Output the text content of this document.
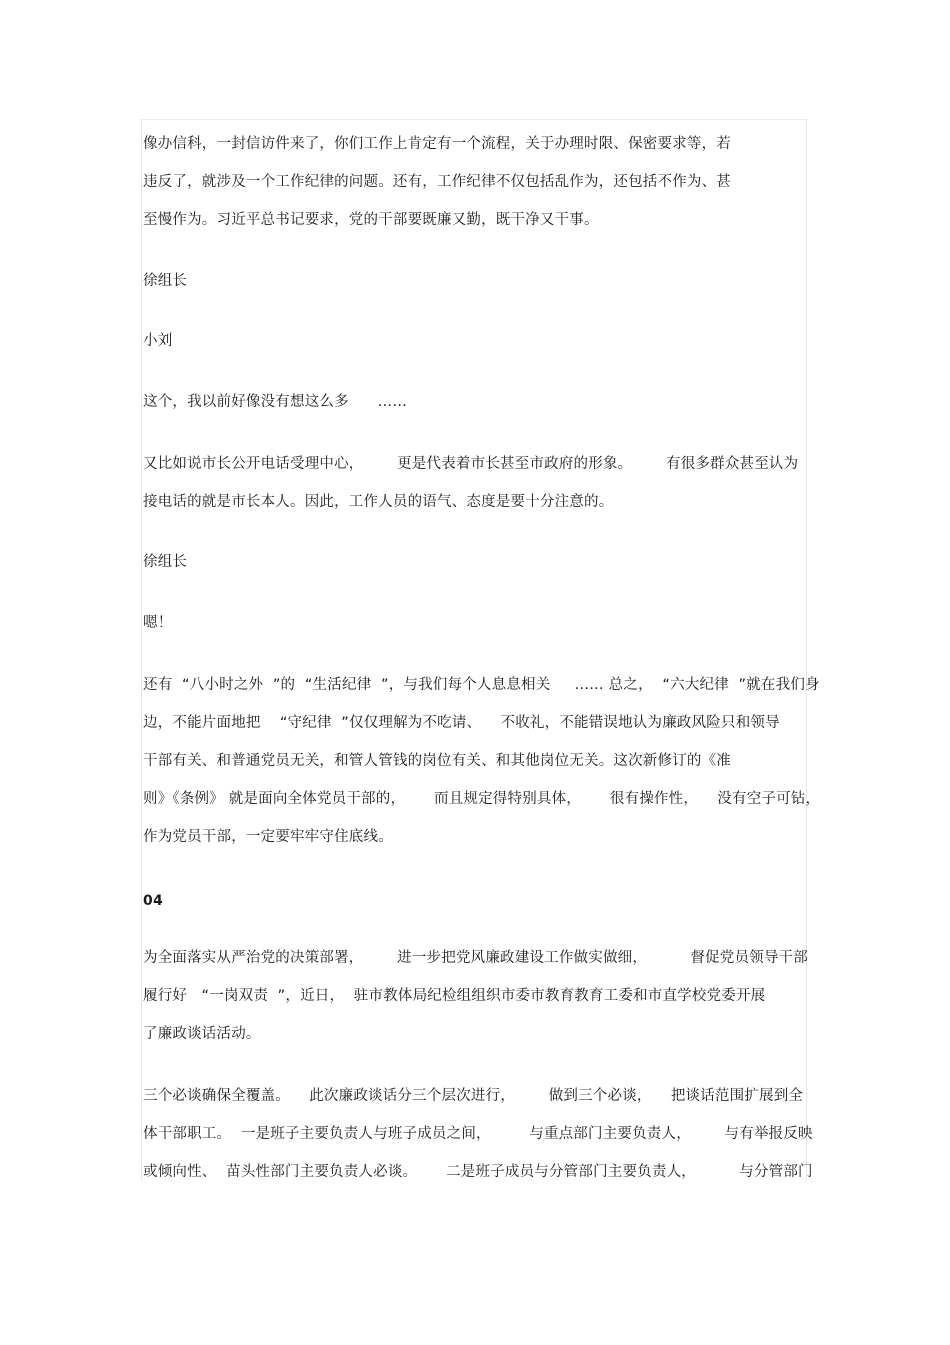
像办信科，一封信访件来了，你们工作上肯定有一个流程，关于办理时限、保密要求等，若
违反了，就涉及一个工作纪律的问题。还有，工作纪律不仅包括乱作为，还包括不作为、甚
至慢作为。习近平总书记要求，党的干部要既廉又勤，既干净又干事。
徐组长
小刘
这个，我以前好像没有想这么多      ……
又比如说市长公开电话受理中心，       更是代表着市长甚至市政府的形象。       有很多群众甚至认为
接电话的就是市长本人。因此，工作人员的语气、态度是要十分注意的。
徐组长
嗯！
还有  “八小时之外  ”的  “生活纪律  ”，与我们每个人息息相关     …… 总之，  “六大纪律  ”就在我们身
边，不能片面地把    “守纪律  ”仅仅理解为不吃请、    不收礼，不能错误地认为廉政风险只和领导
干部有关、和普通党员无关，和管人管钱的岗位有关、和其他岗位无关。这次新修订的《准
则》《条例》 就是面向全体党员干部的，      而且规定得特别具体，      很有操作性，    没有空子可钻，
作为党员干部，一定要牢牢守住底线。
04
为全面落实从严治党的决策部署，       进一步把党风廉政建设工作做实做细，         督促党员领导干部
履行好   “一岗双责  ”，近日，  驻市教体局纪检组组织市委市教育教育工委和市直学校党委开展
了廉政谈话活动。
三个必谈确保全覆盖。    此次廉政谈话分三个层次进行，       做到三个必谈，    把谈话范围扩展到全
体干部职工。  一是班子主要负责人与班子成员之间，        与重点部门主要负责人，       与有举报反映
或倾向性、  苗头性部门主要负责人必谈。      二是班子成员与分管部门主要负责人，         与分管部门
